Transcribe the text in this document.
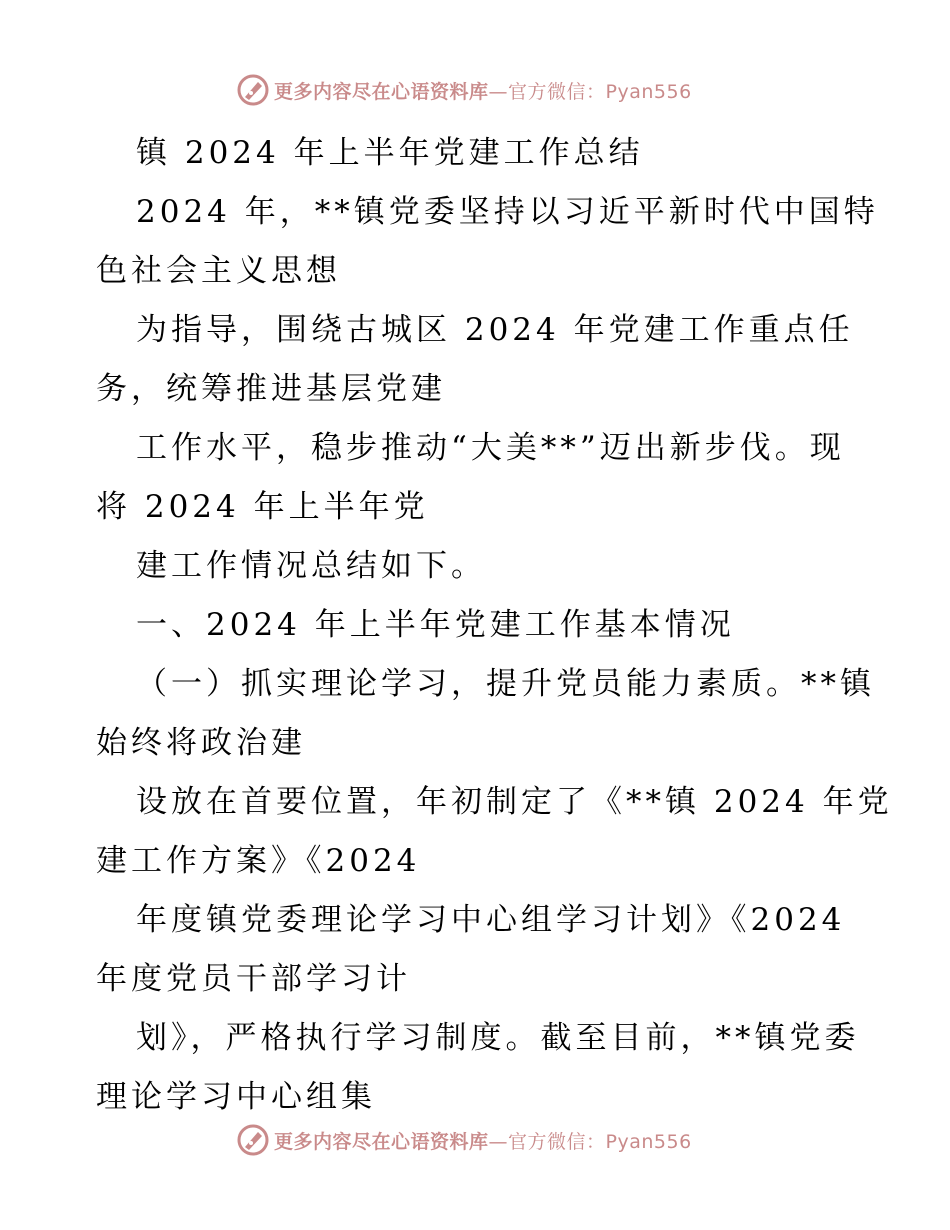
更多内容尽在心语资料库 —官方微信：Pyan556
镇 2024 年上半年党建工作总结
2024 年，**镇党委坚持以习近平新时代中国特
色社会主义思想
为指导，围绕古城区 2024 年党建工作重点任
务，统筹推进基层党建
工作水平，稳步推动“大美**”迈出新步伐。现
将 2024 年上半年党
建工作情况总结如下。
一、2024 年上半年党建工作基本情况
（一）抓实理论学习，提升党员能力素质。**镇
始终将政治建
设放在首要位置，年初制定了《**镇 2024 年党
建工作方案》《2024
年度镇党委理论学习中心组学习计划》《2024
年度党员干部学习计
划》，严格执行学习制度。截至目前，**镇党委
理论学习中心组集
更多内容尽在心语资料库 —官方微信：Pyan556
